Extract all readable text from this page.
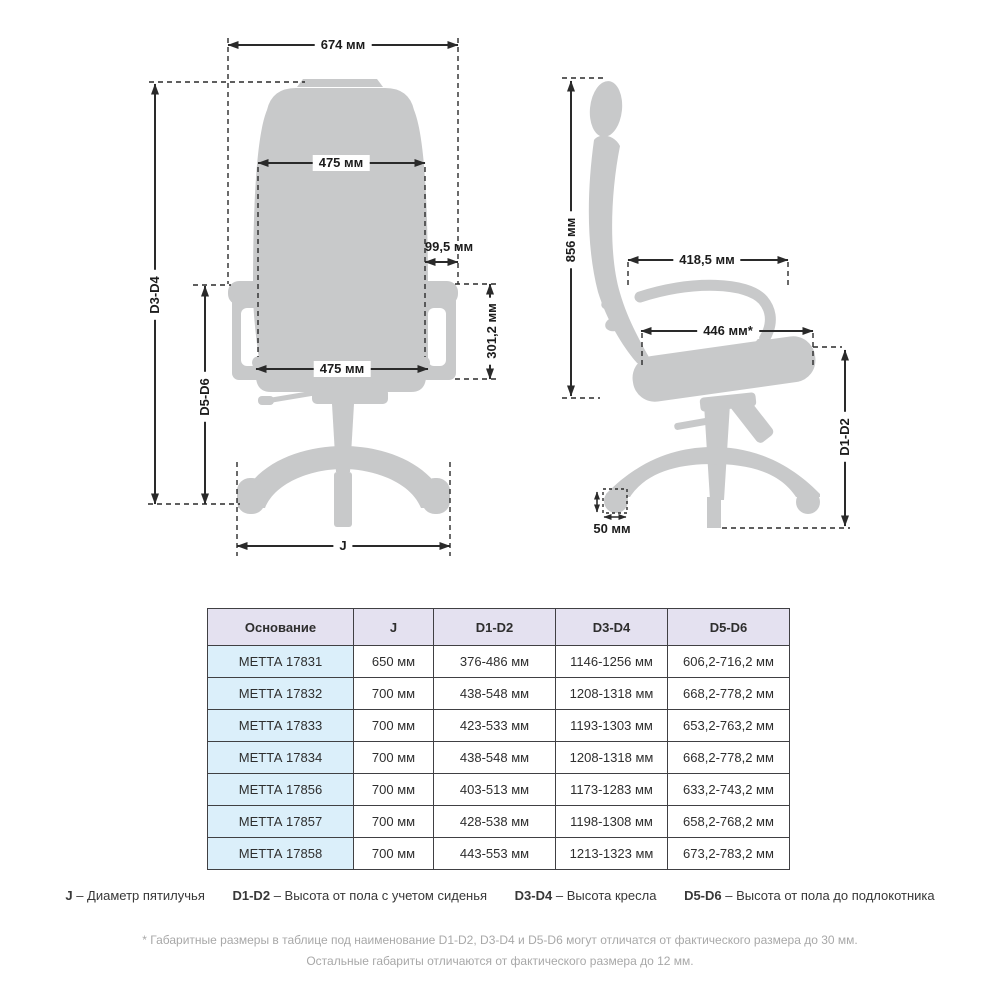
674 мм
475 мм
99,5 мм
301,2 мм
475 мм
D3-D4
D5-D6
J
856 мм	418,5 мм
446 мм*
D1-D2
50 мм
Основание	J	D1-D2	D3-D4	D5-D6
МЕТТА 17831	650 мм	376-486 мм	1146-1256 мм	606,2-716,2 мм
МЕТТА 17832	700 мм	438-548 мм	1208-1318 мм	668,2-778,2 мм
МЕТТА 17833	700 мм	423-533 мм	1193-1303 мм	653,2-763,2 мм
МЕТТА 17834	700 мм	438-548 мм	1208-1318 мм	668,2-778,2 мм
МЕТТА 17856	700 мм	403-513 мм	1173-1283 мм	633,2-743,2 мм
МЕТТА 17857	700 мм	428-538 мм	1198-1308 мм	658,2-768,2 мм
МЕТТА 17858	700 мм	443-553 мм	1213-1323 мм	673,2-783,2 мм
J – Диаметр пятилучья D1-D2 – Высота от пола с учетом сиденья D3-D4 – Высота кресла D5-D6 – Высота от пола до подлокотника
* Габаритные размеры в таблице под наименование D1-D2, D3-D4 и D5-D6 могут отличатся от фактического размера до 30 мм.
Остальные габариты отличаются от фактического размера до 12 мм.
